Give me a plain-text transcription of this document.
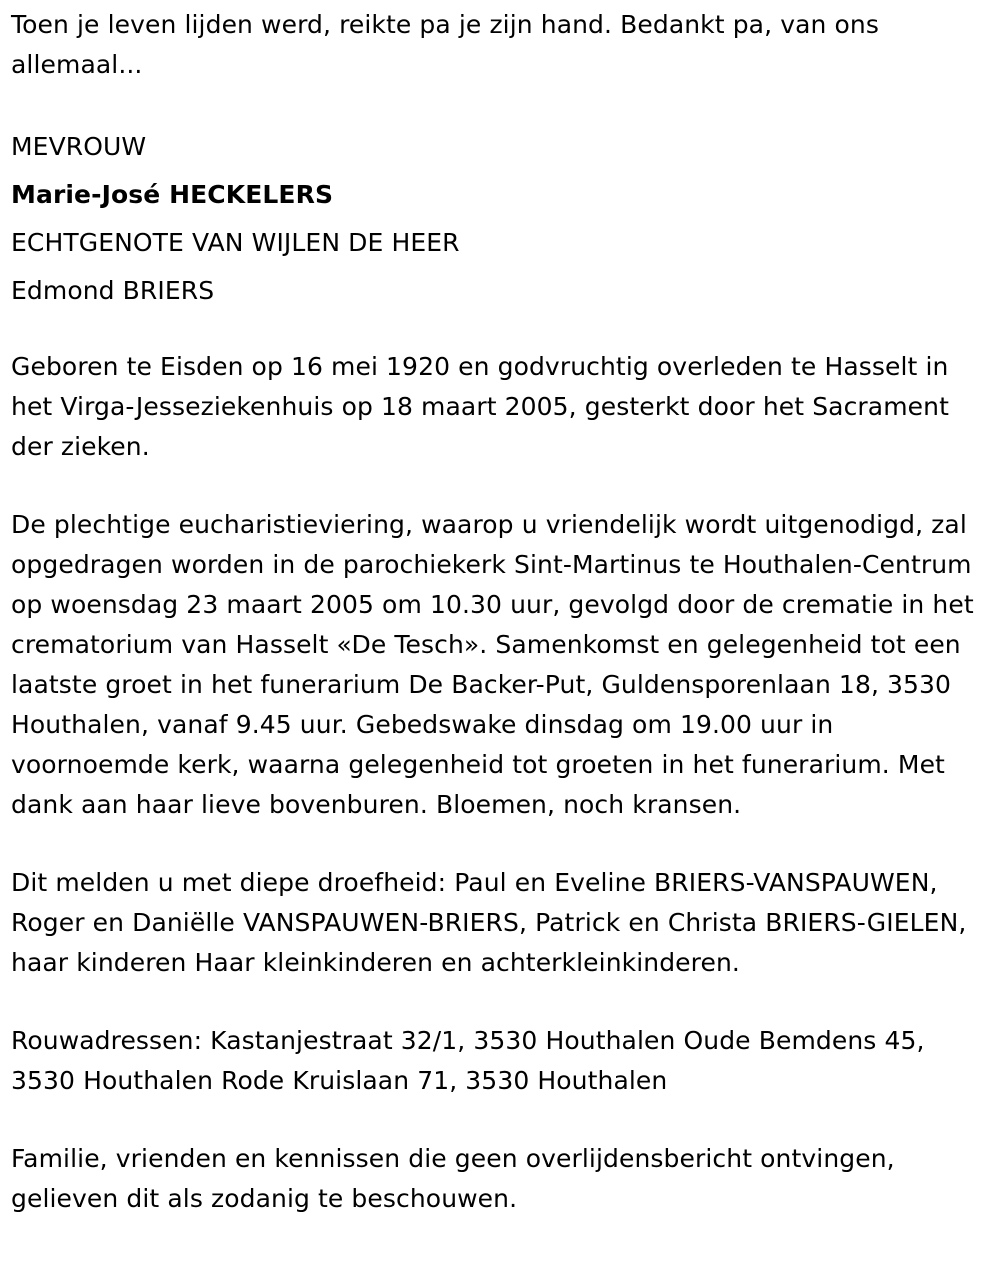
Toen je leven lijden werd, reikte pa je zijn hand. Bedankt pa, van ons allemaal...

MEVROUW

Marie-José HECKELERS

ECHTGENOTE VAN WIJLEN DE HEER

Edmond BRIERS

Geboren te Eisden op 16 mei 1920 en godvruchtig overleden te Hasselt in het Virga-Jesseziekenhuis op 18 maart 2005, gesterkt door het Sacrament der zieken.

De plechtige eucharistieviering, waarop u vriendelijk wordt uitgenodigd, zal opgedragen worden in de parochiekerk Sint-Martinus te Houthalen-Centrum op woensdag 23 maart 2005 om 10.30 uur, gevolgd door de crematie in het crematorium van Hasselt «De Tesch». Samenkomst en gelegenheid tot een laatste groet in het funerarium De Backer-Put, Guldensporenlaan 18, 3530 Houthalen, vanaf 9.45 uur. Gebedswake dinsdag om 19.00 uur in voornoemde kerk, waarna gelegenheid tot groeten in het funerarium. Met dank aan haar lieve bovenburen. Bloemen, noch kransen.

Dit melden u met diepe droefheid: Paul en Eveline BRIERS-VANSPAUWEN, Roger en Daniëlle VANSPAUWEN-BRIERS, Patrick en Christa BRIERS-GIELEN, haar kinderen Haar kleinkinderen en achterkleinkinderen.

Rouwadressen: Kastanjestraat 32/1, 3530 Houthalen Oude Bemdens 45, 3530 Houthalen Rode Kruislaan 71, 3530 Houthalen

Familie, vrienden en kennissen die geen overlijdensbericht ontvingen, gelieven dit als zodanig te beschouwen.
